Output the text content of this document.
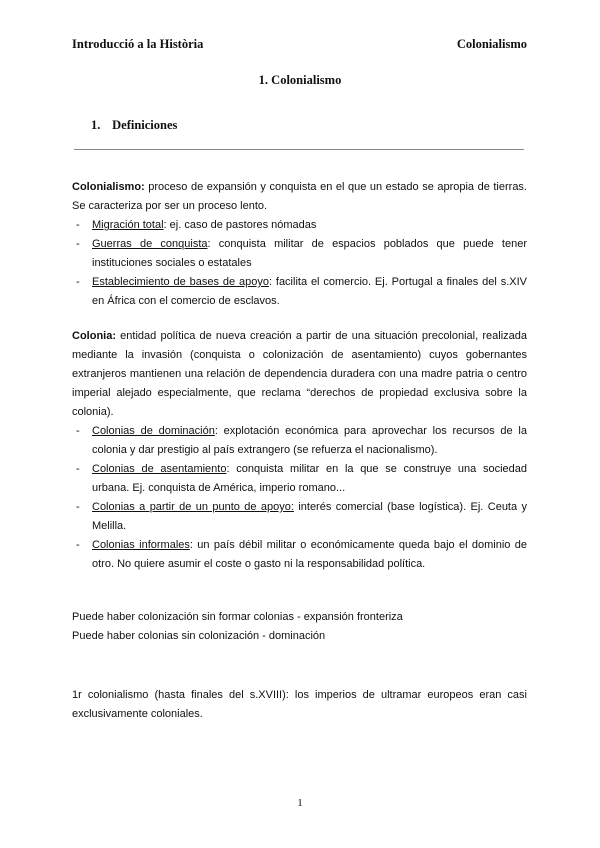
Introducció a la Història	Colonialismo
1. Colonialismo
1. Definiciones

Colonialismo: proceso de expansión y conquista en el que un estado se apropia de tierras. Se caracteriza por ser un proceso lento.

- Migración total: ej. caso de pastores nómadas
- Guerras de conquista: conquista militar de espacios poblados que puede tener instituciones sociales o estatales
- Establecimiento de bases de apoyo: facilita el comercio. Ej. Portugal a finales del s.XIV en África con el comercio de esclavos.

Colonia: entidad política de nueva creación a partir de una situación precolonial, realizada mediante la invasión (conquista o colonización de asentamiento) cuyos gobernantes extranjeros mantienen una relación de dependencia duradera con una madre patria o centro imperial alejado especialmente, que reclama “derechos de propiedad exclusiva sobre la colonia).

- Colonias de dominación: explotación económica para aprovechar los recursos de la colonia y dar prestigio al país extrangero (se refuerza el nacionalismo).
- Colonias de asentamiento: conquista militar en la que se construye una sociedad urbana. Ej. conquista de América, imperio romano...
- Colonias a partir de un punto de apoyo: interés comercial (base logística). Ej. Ceuta y Melilla.
- Colonias informales: un país débil militar o económicamente queda bajo el dominio de otro. No quiere asumir el coste o gasto ni la responsabilidad política.

Puede haber colonización sin formar colonias - expansión fronteriza

Puede haber colonias sin colonización - dominación

1r colonialismo (hasta finales del s.XVIII): los imperios de ultramar europeos eran casi exclusivamente coloniales.

1
